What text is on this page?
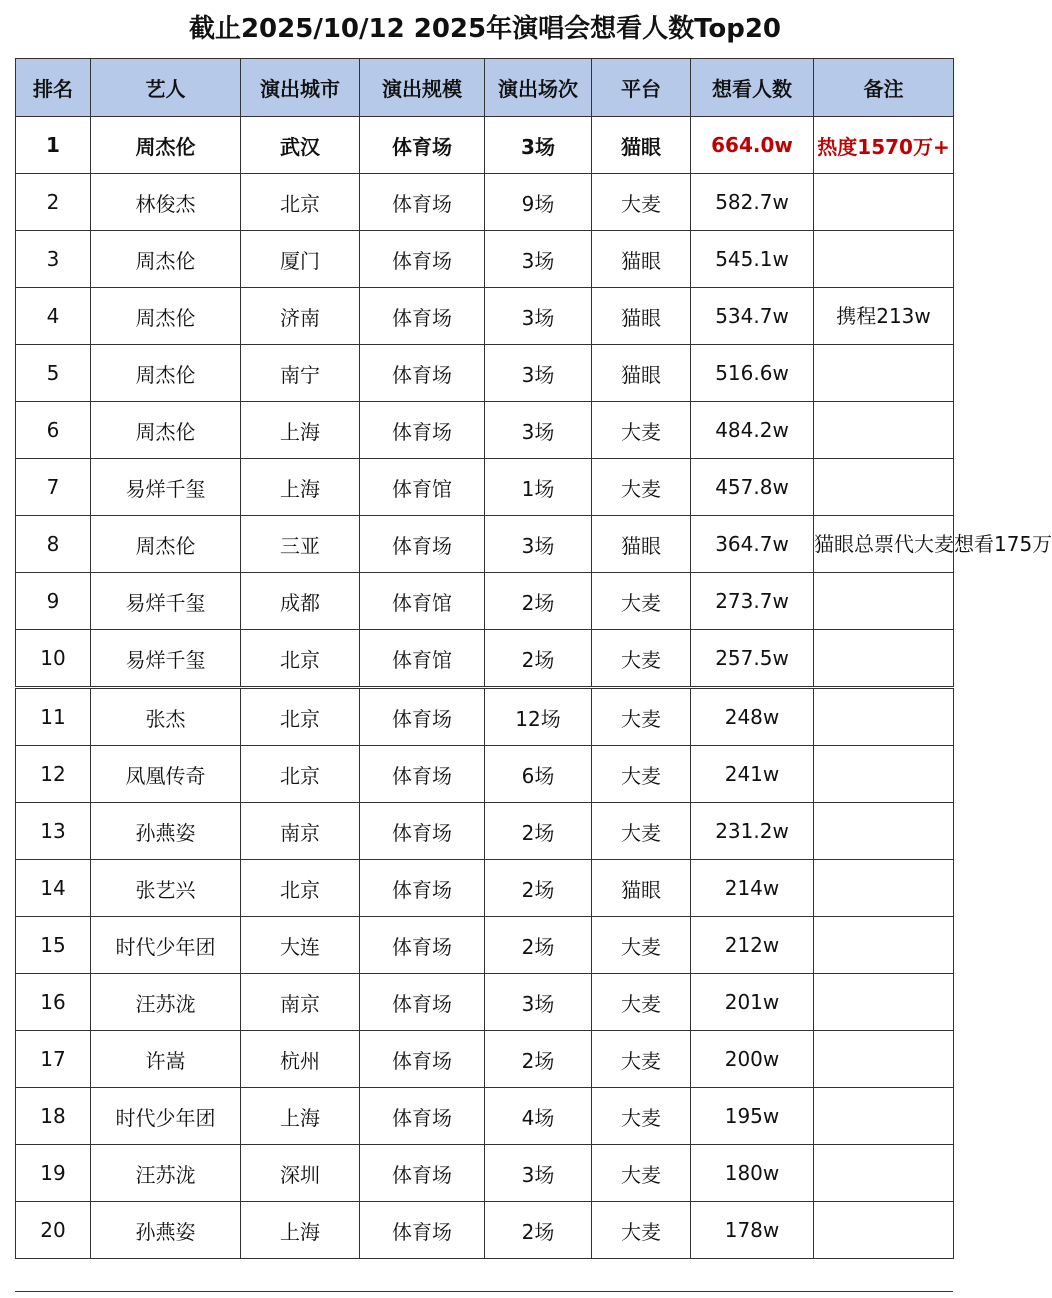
截止2025/10/12 2025年演唱会想看人数Top20
排名	艺人	演出城市	演出规模	演出场次	平台	想看人数	备注
1	周杰伦	武汉	体育场	3场	猫眼	664.0w	热度1570万+
2	林俊杰	北京	体育场	9场	大麦	582.7w	
3	周杰伦	厦门	体育场	3场	猫眼	545.1w	
4	周杰伦	济南	体育场	3场	猫眼	534.7w	携程213w
5	周杰伦	南宁	体育场	3场	猫眼	516.6w	
6	周杰伦	上海	体育场	3场	大麦	484.2w	
7	易烊千玺	上海	体育馆	1场	大麦	457.8w	
8	周杰伦	三亚	体育场	3场	猫眼	364.7w	猫眼总票代大麦想看175万
9	易烊千玺	成都	体育馆	2场	大麦	273.7w	
10	易烊千玺	北京	体育馆	2场	大麦	257.5w	
11	张杰	北京	体育场	12场	大麦	248w	
12	凤凰传奇	北京	体育场	6场	大麦	241w	
13	孙燕姿	南京	体育场	2场	大麦	231.2w	
14	张艺兴	北京	体育场	2场	猫眼	214w	
15	时代少年团	大连	体育场	2场	大麦	212w	
16	汪苏泷	南京	体育场	3场	大麦	201w	
17	许嵩	杭州	体育场	2场	大麦	200w	
18	时代少年团	上海	体育场	4场	大麦	195w	
19	汪苏泷	深圳	体育场	3场	大麦	180w	
20	孙燕姿	上海	体育场	2场	大麦	178w	
